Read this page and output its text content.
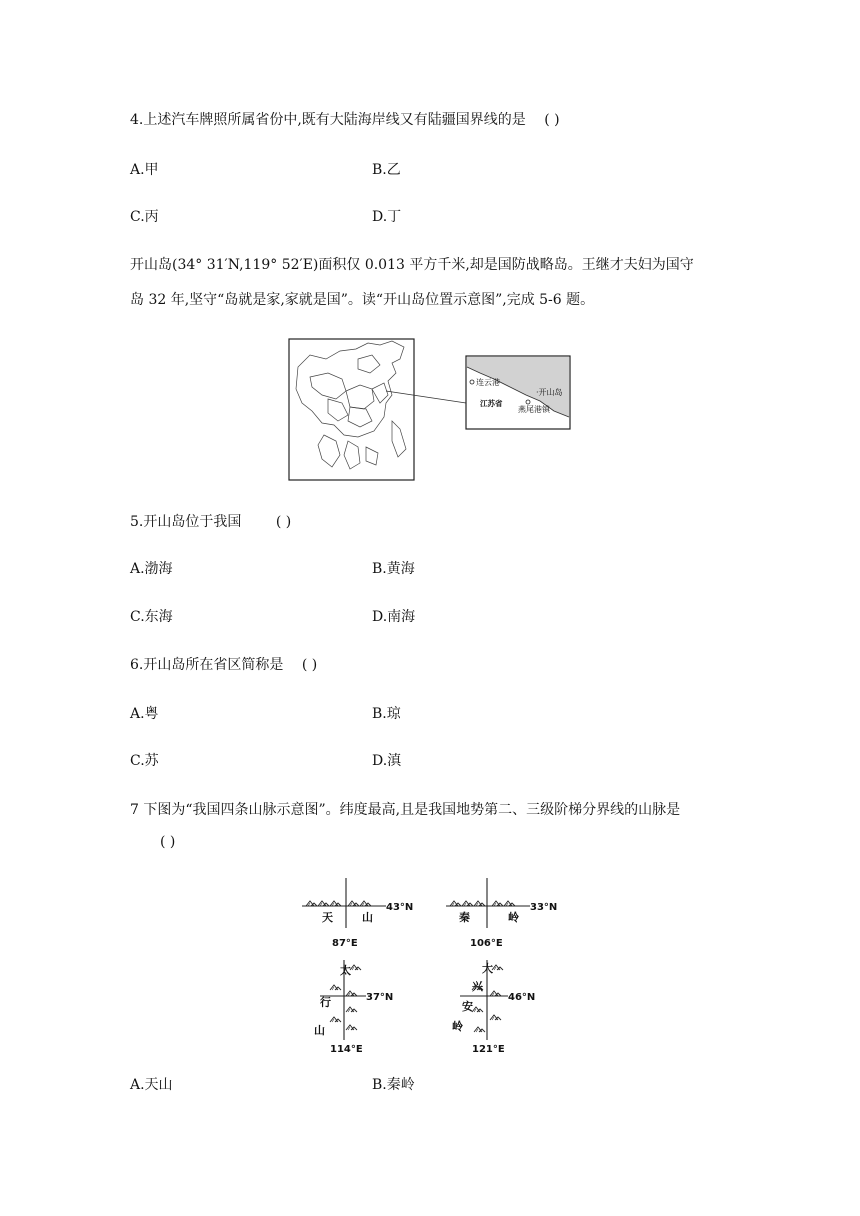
4.上述汽车牌照所属省份中,既有大陆海岸线又有陆疆国界线的是 ( )
A.甲	B.乙
C.丙	D.丁
开山岛(34° 31′N,119° 52′E)面积仅 0.013 平方千米,却是国防战略岛。王继才夫妇为国守
岛 32 年,坚守“岛就是家,家就是国”。读“开山岛位置示意图”,完成 5-6 题。
连云港
·开山岛
江苏省
燕尾港镇
5.开山岛位于我国 ( )
A.渤海	B.黄海
C.东海	D.南海
6.开山岛所在省区简称是 ( )
A.粤	B.琼
C.苏	D.滇
7 下图为“我国四条山脉示意图”。纬度最高,且是我国地势第二、三级阶梯分界线的山脉是
( )
天	山
43°N
87°E
秦	岭
33°N
106°E
太
行
山
37°N
114°E
大
兴
安
岭
46°N
121°E
A.天山	B.秦岭
